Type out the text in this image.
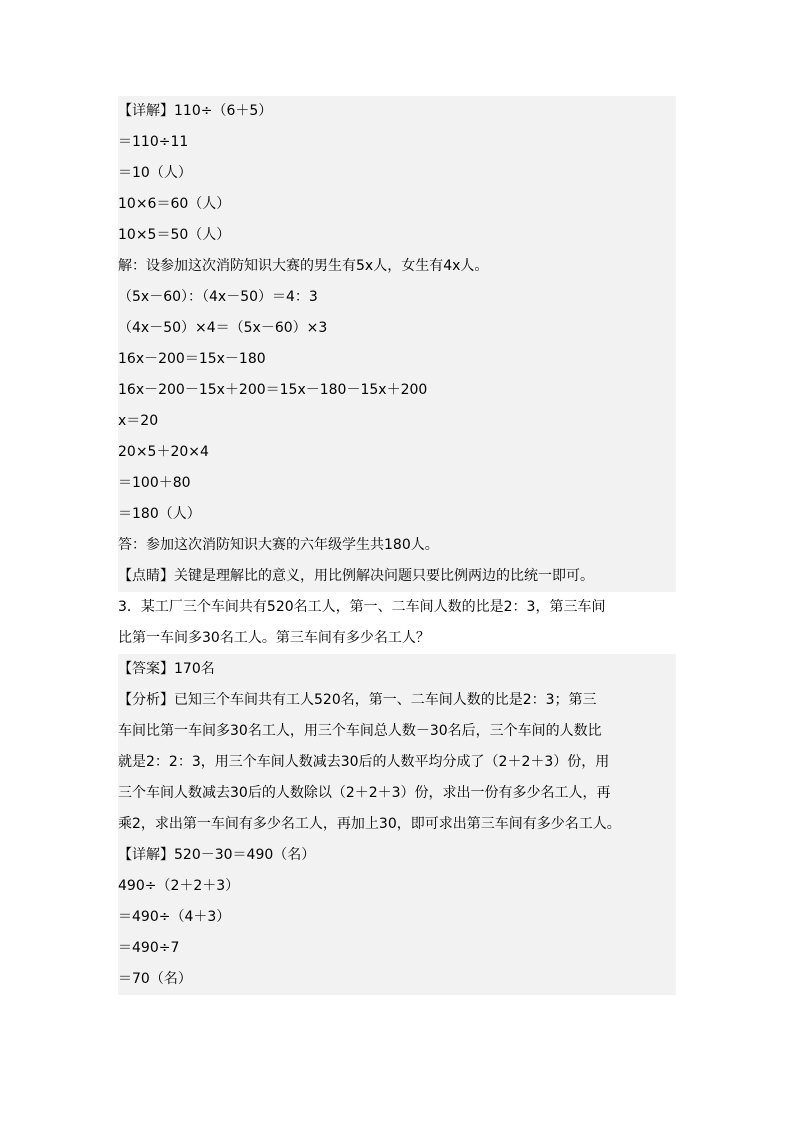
【详解】110÷（6＋5）
＝110÷11
＝10（人）
10×6＝60（人）
10×5＝50（人）
解：设参加这次消防知识大赛的男生有5x人，女生有4x人。
（5x－60）：（4x－50）＝4：3
（4x－50）×4＝（5x－60）×3
16x－200＝15x－180
16x－200－15x＋200＝15x－180－15x＋200
x＝20
20×5＋20×4
＝100＋80
＝180（人）
答：参加这次消防知识大赛的六年级学生共180人。
【点睛】关键是理解比的意义，用比例解决问题只要比例两边的比统一即可。
3．某工厂三个车间共有520名工人，第一、二车间人数的比是2：3，第三车间
比第一车间多30名工人。第三车间有多少名工人？
【答案】170名
【分析】已知三个车间共有工人520名，第一、二车间人数的比是2：3；第三
车间比第一车间多30名工人，用三个车间总人数－30名后，三个车间的人数比
就是2：2：3，用三个车间人数减去30后的人数平均分成了（2＋2＋3）份，用
三个车间人数减去30后的人数除以（2＋2＋3）份，求出一份有多少名工人，再
乘2，求出第一车间有多少名工人，再加上30，即可求出第三车间有多少名工人。
【详解】520－30＝490（名）
490÷（2＋2＋3）
＝490÷（4＋3）
＝490÷7
＝70（名）
